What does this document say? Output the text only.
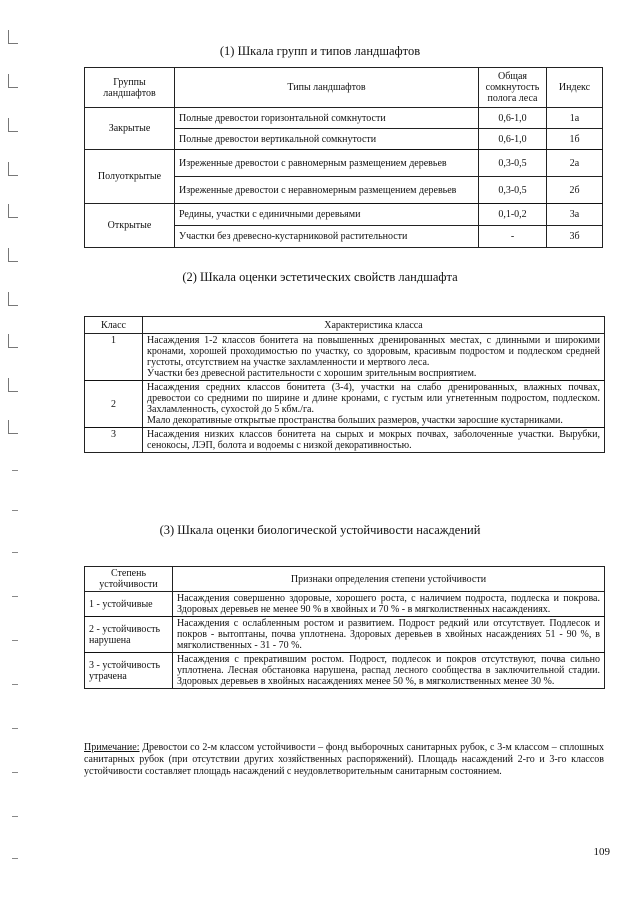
(1) Шкала групп и типов ландшафтов
Группы ландшафтов	Типы ландшафтов	Общая сомкнутость полога леса	Индекс
Закрытые	Полные древостои горизонтальной сомкнутости	0,6-1,0	1а
	Полные древостои вертикальной сомкнутости	0,6-1,0	1б
Полуоткрытые	Изреженные древостои с равномерным размещением деревьев	0,3-0,5	2а
	Изреженные древостои с неравномерным размещением деревьев	0,3-0,5	2б
Открытые	Редины, участки с единичными деревьями	0,1-0,2	3а
	Участки без древесно-кустарниковой растительности	-	3б
(2) Шкала оценки эстетических свойств ландшафта
Класс	Характеристика класса
1	Насаждения 1-2 классов бонитета на повышенных дренированных местах, с длинными и широкими кронами, хорошей проходимостью по участку, со здоровым, красивым подростом и подлеском средней густоты, отсутствием на участке захламленности и мертвого леса.
Участки без древесной растительности с хорошим зрительным восприятием.

2	Насаждения средних классов бонитета (3-4), участки на слабо дренированных, влажных почвах, древостои со средними по ширине и длине кронами, с густым или угнетенным подростом, подлеском. Захламленность, сухостой до 5 кбм./га.
Мало декоративные открытые пространства больших размеров, участки заросшие кустарниками.

3	Насаждения низких классов бонитета на сырых и мокрых почвах, заболоченные участки. Вырубки, сенокосы, ЛЭП, болота и водоемы с низкой декоративностью.
(3) Шкала оценки биологической устойчивости насаждений
Степень устойчивости	Признаки определения степени устойчивости
1 - устойчивые	Насаждения совершенно здоровые, хорошего роста, с наличием подроста, подлеска и покрова. Здоровых деревьев не менее 90 % в хвойных и 70 % - в мягколиственных насаждениях.
2 - устойчивость нарушена	Насаждения с ослабленным ростом и развитием. Подрост редкий или отсутствует. Подлесок и покров - вытоптаны, почва уплотнена. Здоровых деревьев в хвойных насаждениях 51 - 90 %, в мягколиственных - 31 - 70 %.
3 - устойчивость утрачена	Насаждения с прекратившим ростом. Подрост, подлесок и покров отсутствуют, почва сильно уплотнена. Лесная обстановка нарушена, распад лесного сообщества в заключительной стадии. Здоровых деревьев в хвойных насаждениях менее 50 %, в мягколиственных менее 30 %.
Примечание: Древостои со 2-м классом устойчивости – фонд выборочных санитарных рубок, с 3-м классом – сплошных санитарных рубок (при отсутствии других хозяйственных распоряжений). Площадь насаждений 2-го и 3-го классов устойчивости составляет площадь насаждений с неудовлетворительным санитарным состоянием.
109
